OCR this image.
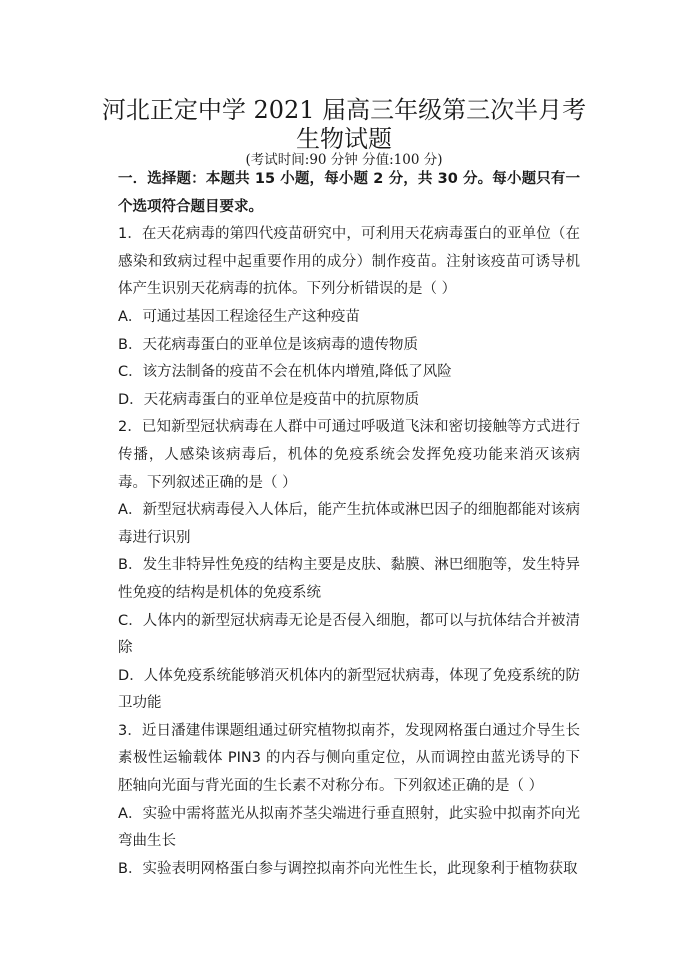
河北正定中学 2021 届高三年级第三次半月考
生物试题
(考试时间:90 分钟 分值:100 分)

一．选择题：本题共 15 小题，每小题 2 分，共 30 分。每小题只有一个选项符合题目要求。

1．在天花病毒的第四代疫苗研究中，可利用天花病毒蛋白的亚单位（在感染和致病过程中起重要作用的成分）制作疫苗。注射该疫苗可诱导机体产生识别天花病毒的抗体。下列分析错误的是（ ）

A．可通过基因工程途径生产这种疫苗

B．天花病毒蛋白的亚单位是该病毒的遗传物质

C．该方法制备的疫苗不会在机体内增殖,降低了风险

D．天花病毒蛋白的亚单位是疫苗中的抗原物质

2．已知新型冠状病毒在人群中可通过呼吸道飞沫和密切接触等方式进行传播，人感染该病毒后，机体的免疫系统会发挥免疫功能来消灭该病毒。下列叙述正确的是（ ）

A．新型冠状病毒侵入人体后，能产生抗体或淋巴因子的细胞都能对该病毒进行识别

B．发生非特异性免疫的结构主要是皮肤、黏膜、淋巴细胞等，发生特异性免疫的结构是机体的免疫系统

C．人体内的新型冠状病毒无论是否侵入细胞，都可以与抗体结合并被清除

D．人体免疫系统能够消灭机体内的新型冠状病毒，体现了免疫系统的防卫功能

3．近日潘建伟课题组通过研究植物拟南芥，发现网格蛋白通过介导生长素极性运输载体 PIN3 的内吞与侧向重定位，从而调控由蓝光诱导的下胚轴向光面与背光面的生长素不对称分布。下列叙述正确的是（ ）

A．实验中需将蓝光从拟南芥茎尖端进行垂直照射，此实验中拟南芥向光弯曲生长

B．实验表明网格蛋白参与调控拟南芥向光性生长，此现象利于植物获取
